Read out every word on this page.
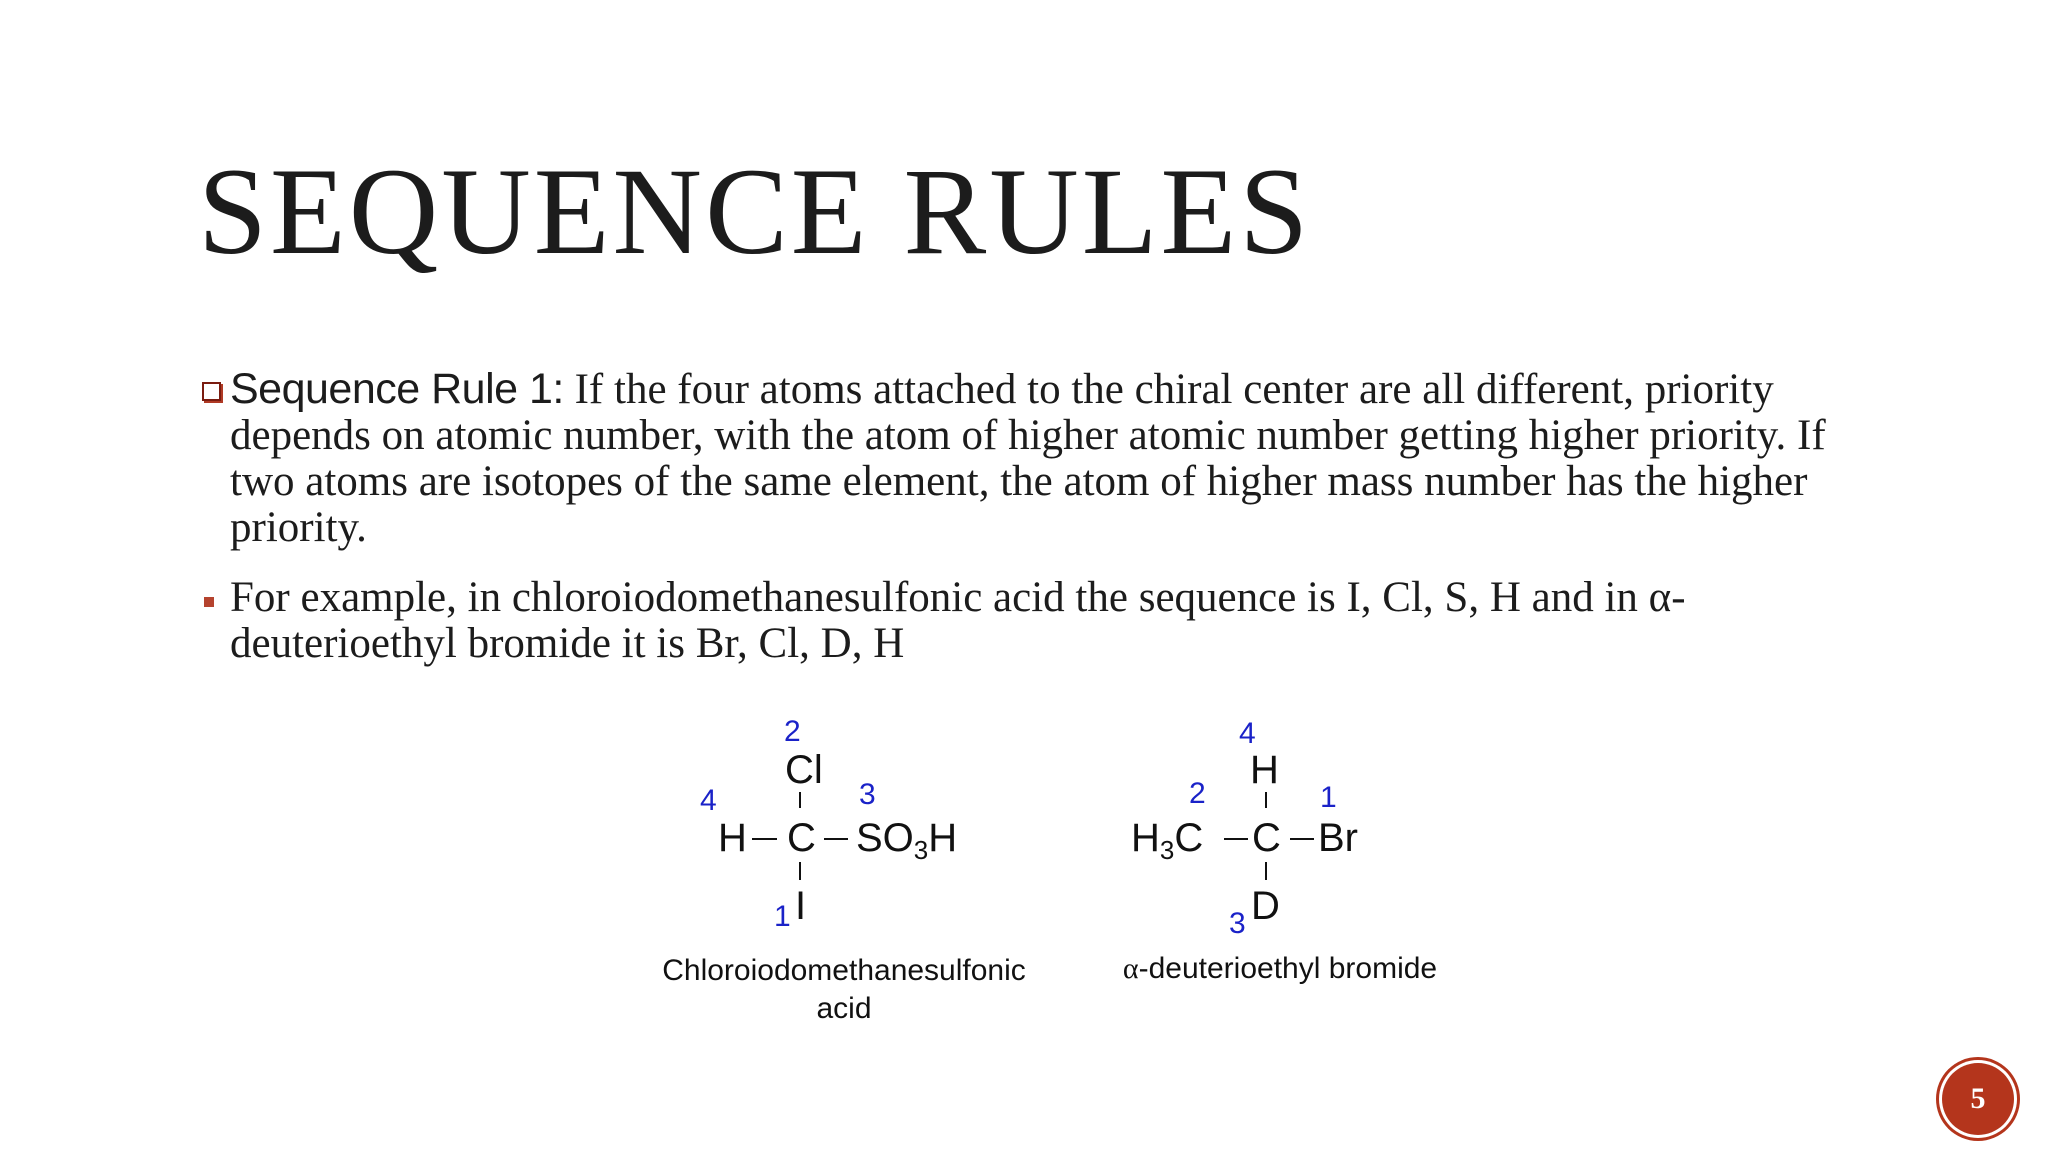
SEQUENCE RULES
Sequence Rule 1: If the four atoms attached to the chiral center are all different, priority depends on atomic number, with the atom of higher atomic number getting higher priority. If two atoms are isotopes of the same element, the atom of higher mass number has the higher priority.
For example, in chloroiodomethanesulfonic acid the sequence is I, Cl, S, H and in α-deuterioethyl bromide it is Br, Cl, D, H
2
Cl
4	3
H C $SO_3H$
1 I
Chloroiodomethanesulfonic
acid
4
H
2	1
$H_3C$ C Br
3 D
α-deuterioethyl bromide
5
